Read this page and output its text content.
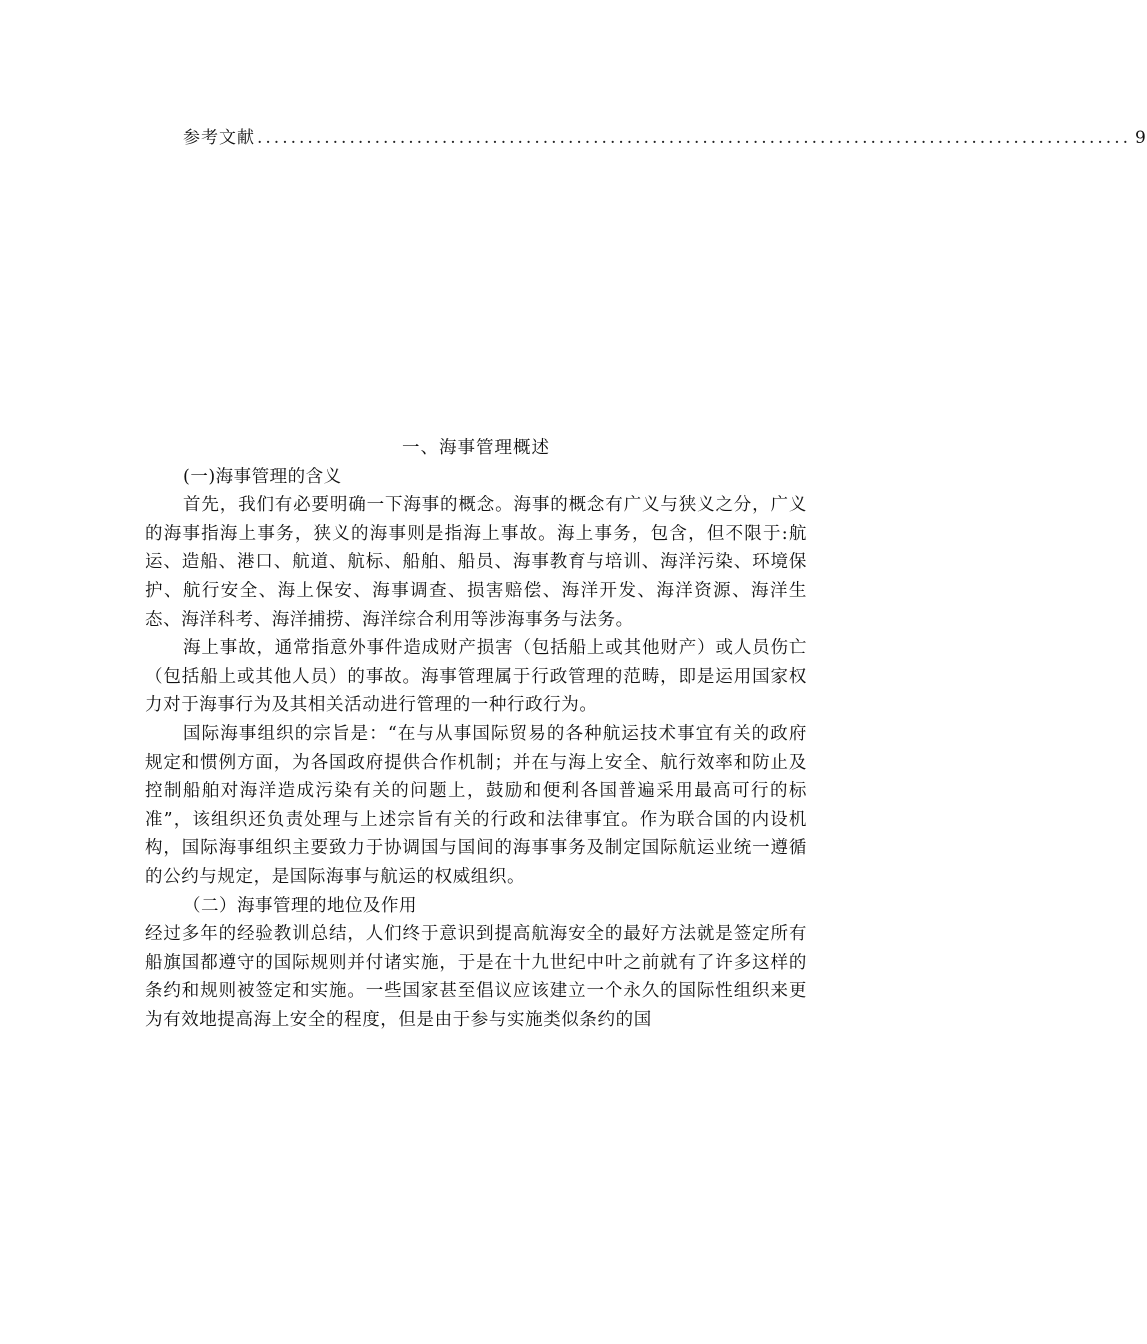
参考文献 ........................................................................................................ 9
一、海事管理概述
(一)海事管理的含义

首先，我们有必要明确一下海事的概念。海事的概念有广义与狭义之分，广义的海事指海上事务，狭义的海事则是指海上事故。海上事务，包含，但不限于:航运、造船、港口、航道、航标、船舶、船员、海事教育与培训、海洋污染、环境保护、航行安全、海上保安、海事调查、损害赔偿、海洋开发、海洋资源、海洋生态、海洋科考、海洋捕捞、海洋综合利用等涉海事务与法务。

海上事故，通常指意外事件造成财产损害（包括船上或其他财产）或人员伤亡（包括船上或其他人员）的事故。海事管理属于行政管理的范畴，即是运用国家权力对于海事行为及其相关活动进行管理的一种行政行为。

国际海事组织的宗旨是：“在与从事国际贸易的各种航运技术事宜有关的政府规定和惯例方面，为各国政府提供合作机制；并在与海上安全、航行效率和防止及控制船舶对海洋造成污染有关的问题上，鼓励和便利各国普遍采用最高可行的标准”，该组织还负责处理与上述宗旨有关的行政和法律事宜。作为联合国的内设机构，国际海事组织主要致力于协调国与国间的海事事务及制定国际航运业统一遵循的公约与规定，是国际海事与航运的权威组织。

（二）海事管理的地位及作用

经过多年的经验教训总结，人们终于意识到提高航海安全的最好方法就是签定所有船旗国都遵守的国际规则并付诸实施，于是在十九世纪中叶之前就有了许多这样的条约和规则被签定和实施。一些国家甚至倡议应该建立一个永久的国际性组织来更为有效地提高海上安全的程度，但是由于参与实施类似条约的国
